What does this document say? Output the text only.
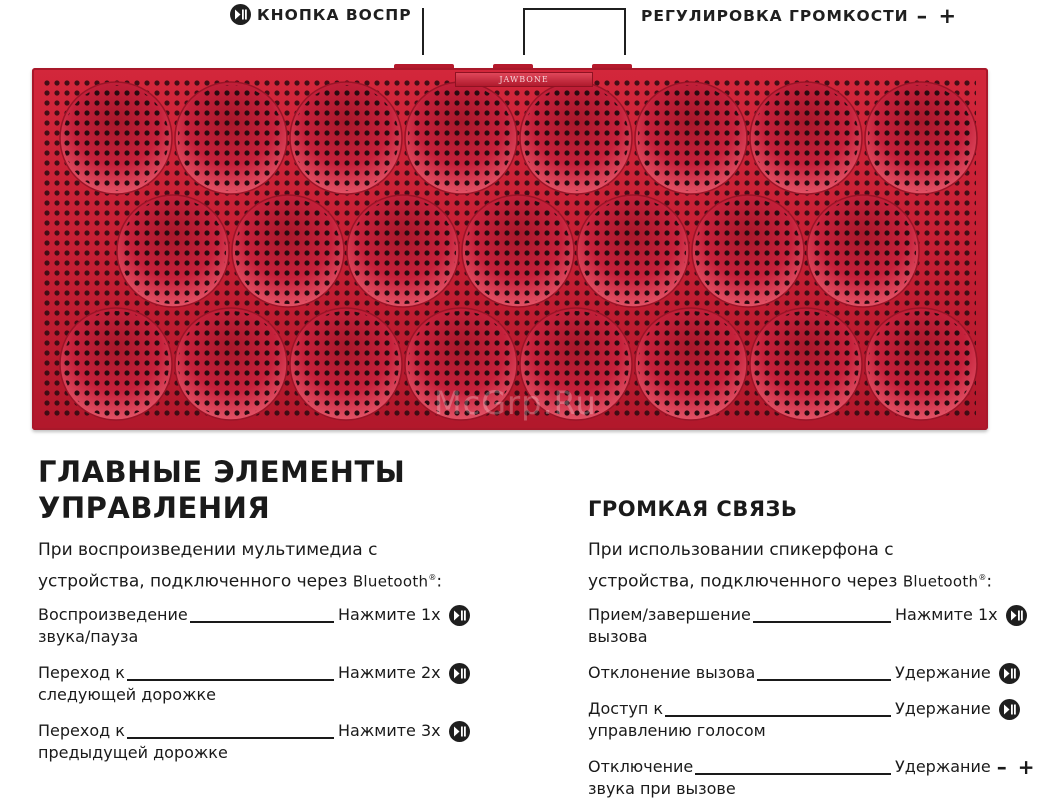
КНОПКА ВОСПР	РЕГУЛИРОВКА ГРОМКОСТИ – +
JAWBONE
McGrp.Ru
ГЛАВНЫЕ ЭЛЕМЕНТЫ
УПРАВЛЕНИЯ
При воспроизведении мультимедиа с
устройства, подключенного через Bluetooth®:
Воспроизведение
звука/пауза
Нажмите 1x
Переход к
следующей дорожке
Нажмите 2x
Переход к
предыдущей дорожке
Нажмите 3x
ГРОМКАЯ СВЯЗЬ
При использовании спикерфона с
устройства, подключенного через Bluetooth®:
Прием/завершение
вызова
Нажмите 1x
Отклонение вызова	Удержание
Доступ к
управлению голосом
Удержание
Отключение
звука при вызове
Удержание – +
